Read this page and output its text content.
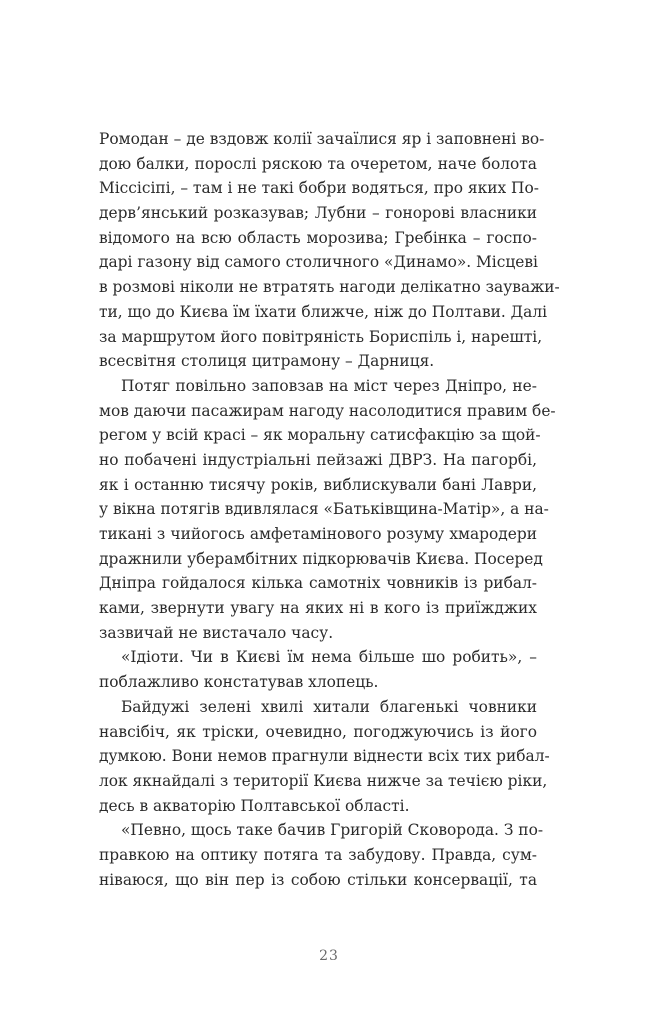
Ромодан – де вздовж колії зачаїлися яр і заповнені во-
дою балки, порослі ряскою та очеретом, наче болота
Міссісіпі, – там і не такі бобри водяться, про яких По-
дерв’янський розказував; Лубни – гонорові власники
відомого на всю область морозива; Гребінка – госпо-
дарі газону від самого столичного «Динамо». Місцеві
в розмові ніколи не втратять нагоди делікатно зауважи-
ти, що до Києва їм їхати ближче, ніж до Полтави. Далі
за маршрутом його повітряність Бориспіль і, нарешті,
всесвітня столиця цитрамону – Дарниця.
Потяг повільно заповзав на міст через Дніпро, не-
мов даючи пасажирам нагоду насолодитися правим бе-
регом у всій красі – як моральну сатисфакцію за щой-
но побачені індустріальні пейзажі ДВРЗ. На пагорбі,
як і останню тисячу років, виблискували бані Лаври,
у вікна потягів вдивлялася «Батьківщина-Матір», а на-
тикані з чийогось амфетамінового розуму хмародери
дражнили уберамбітних підкорювачів Києва. Посеред
Дніпра гойдалося кілька самотніх човників із рибал-
ками, звернути увагу на яких ні в кого із приїжджих
зазвичай не вистачало часу.
«Ідіоти. Чи в Києві їм нема більше шо робить», –
поблажливо констатував хлопець.
Байдужі зелені хвилі хитали благенькі човники
навсібіч, як тріски, очевидно, погоджуючись із його
думкою. Вони немов прагнули віднести всіх тих рибал-
лок якнайдалі з території Києва нижче за течією ріки,
десь в акваторію Полтавської області.
«Певно, щось таке бачив Григорій Сковорода. З по-
правкою на оптику потяга та забудову. Правда, сум-
ніваюся, що він пер із собою стільки консервації, та
23
